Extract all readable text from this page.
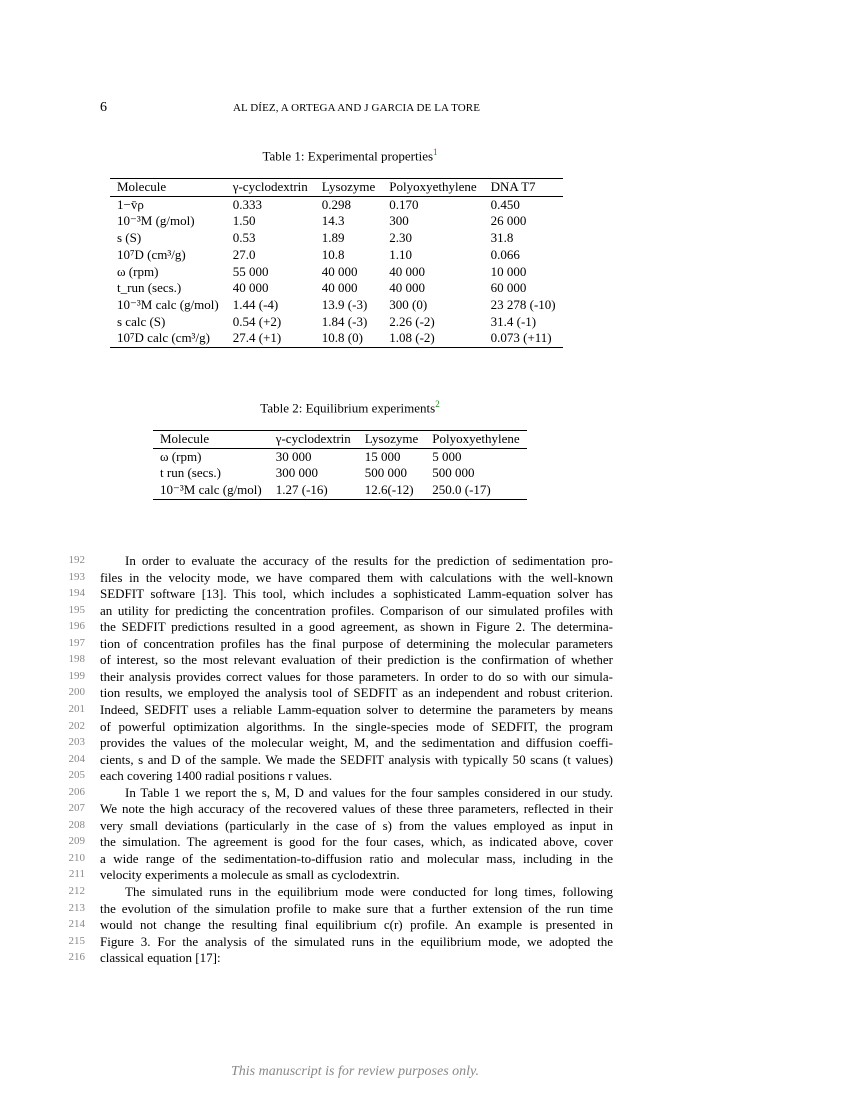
6	AL DÍEZ, A ORTEGA AND J GARCIA DE LA TORE
Table 1: Experimental properties$^1$
Molecule	γ-cyclodextrin	Lysozyme	Polyoxyethylene	DNA T7
1−v̄ρ	0.333	0.298	0.170	0.450
10⁻³M (g/mol)	1.50	14.3	300	26 000
s (S)	0.53	1.89	2.30	31.8
10⁷D (cm³/g)	27.0	10.8	1.10	0.066
ω (rpm)	55 000	40 000	40 000	10 000
t_run (secs.)	40 000	40 000	40 000	60 000
10⁻³M calc (g/mol)	1.44 (-4)	13.9 (-3)	300 (0)	23 278 (-10)
s calc (S)	0.54 (+2)	1.84 (-3)	2.26 (-2)	31.4 (-1)
10⁷D calc (cm³/g)	27.4 (+1)	10.8 (0)	1.08 (-2)	0.073 (+11)
Table 2: Equilibrium experiments$^2$
Molecule	γ-cyclodextrin	Lysozyme	Polyoxyethylene
ω (rpm)	30 000	15 000	5 000
t run (secs.)	300 000	500 000	500 000
10⁻³M calc (g/mol)	1.27 (-16)	12.6(-12)	250.0 (-17)
192	In order to evaluate the accuracy of the results for the prediction of sedimentation pro-
193 files in the velocity mode, we have compared them with calculations with the well-known
194 SEDFIT software [13]. This tool, which includes a sophisticated Lamm-equation solver has
195 an utility for predicting the concentration profiles. Comparison of our simulated profiles with
196 the SEDFIT predictions resulted in a good agreement, as shown in Figure 2. The determina-
197 tion of concentration profiles has the final purpose of determining the molecular parameters
198 of interest, so the most relevant evaluation of their prediction is the confirmation of whether
199 their analysis provides correct values for those parameters. In order to do so with our simula-
200 tion results, we employed the analysis tool of SEDFIT as an independent and robust criterion.
201 Indeed, SEDFIT uses a reliable Lamm-equation solver to determine the parameters by means
202 of powerful optimization algorithms. In the single-species mode of SEDFIT, the program
203 provides the values of the molecular weight, M, and the sedimentation and diffusion coeffi-
204 cients, s and D of the sample. We made the SEDFIT analysis with typically 50 scans (t values)
205 each covering 1400 radial positions r values.
206	In Table 1 we report the s, M, D and values for the four samples considered in our study.
207 We note the high accuracy of the recovered values of these three parameters, reflected in their
208 very small deviations (particularly in the case of s) from the values employed as input in
209 the simulation. The agreement is good for the four cases, which, as indicated above, cover
210 a wide range of the sedimentation-to-diffusion ratio and molecular mass, including in the
211 velocity experiments a molecule as small as cyclodextrin.
212	The simulated runs in the equilibrium mode were conducted for long times, following
213 the evolution of the simulation profile to make sure that a further extension of the run time
214 would not change the resulting final equilibrium c(r) profile. An example is presented in
215 Figure 3. For the analysis of the simulated runs in the equilibrium mode, we adopted the
216 classical equation [17]:
This manuscript is for review purposes only.
